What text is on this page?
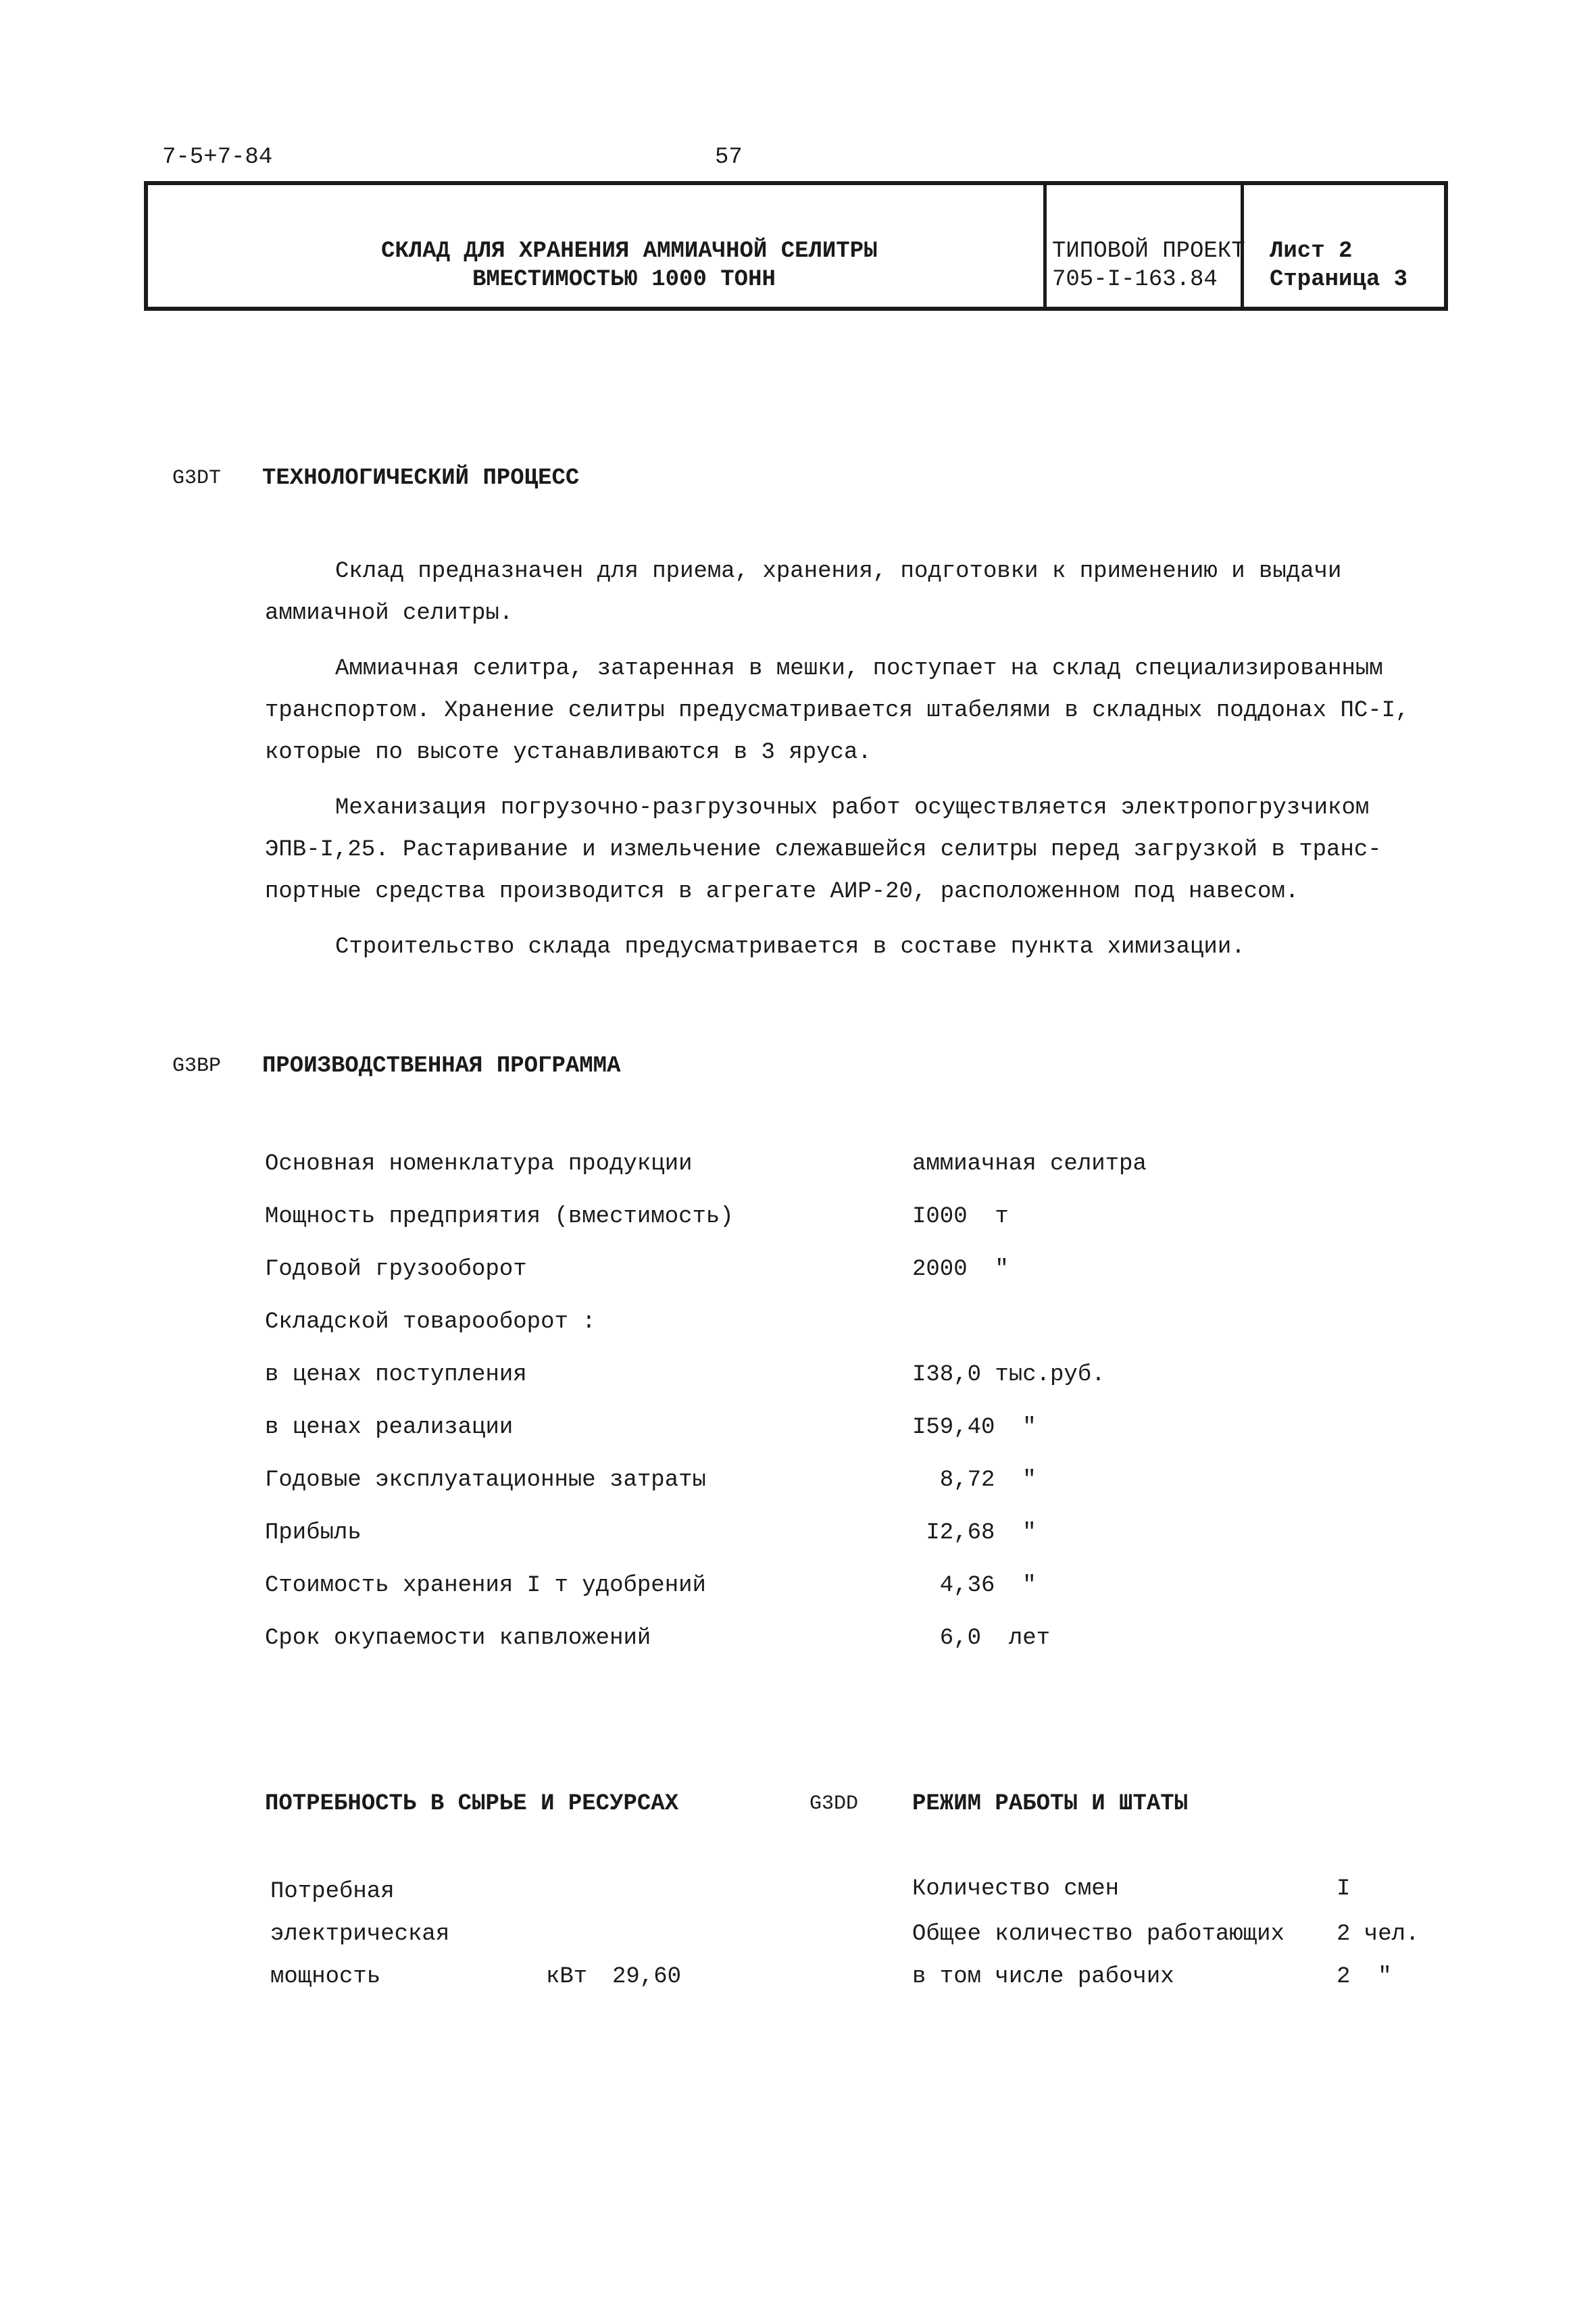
7-5+7-84	57
СКЛАД ДЛЯ ХРАНЕНИЯ АММИАЧНОЙ СЕЛИТРЫ
ВМЕСТИМОСТЬЮ 1000 ТОНН
ТИПОВОЙ ПРОЕКТ
705-I-163.84
Лист 2
Страница 3
G3DT ТЕХНОЛОГИЧЕСКИЙ ПРОЦЕСС
Склад предназначен для приема, хранения, подготовки к применению и выдачи
аммиачной селитры.
Аммиачная селитра, затаренная в мешки, поступает на склад специализированным
транспортом. Хранение селитры предусматривается штабелями в складных поддонах ПС-I,
которые по высоте устанавливаются в 3 яруса.
Механизация погрузочно-разгрузочных работ осуществляется электропогрузчиком
ЭПВ-I,25. Растаривание и измельчение слежавшейся селитры перед загрузкой в транс-
портные средства производится в агрегате АИР-20, расположенном под навесом.
Строительство склада предусматривается в составе пункта химизации.
G3BP ПРОИЗВОДСТВЕННАЯ ПРОГРАММА
Основная номенклатура продукции	аммиачная селитра
Мощность предприятия (вместимость)	I000  т
Годовой грузооборот	2000  "
Складской товарооборот :
в ценах поступления	I38,0 тыс.руб.
в ценах реализации	I59,40  "
Годовые эксплуатационные затраты	8,72  "
Прибыль	I2,68  "
Стоимость хранения I т удобрений	4,36  "
Срок окупаемости капвложений	6,0  лет
ПОТРЕБНОСТЬ В СЫРЬЕ И РЕСУРСАХ
Потребная
электрическая
мощность	кВт 29,60
G3DD РЕЖИМ РАБОТЫ И ШТАТЫ
Количество смен	I
Общее количество работающих 2 чел.
в том числе рабочих	2  "
